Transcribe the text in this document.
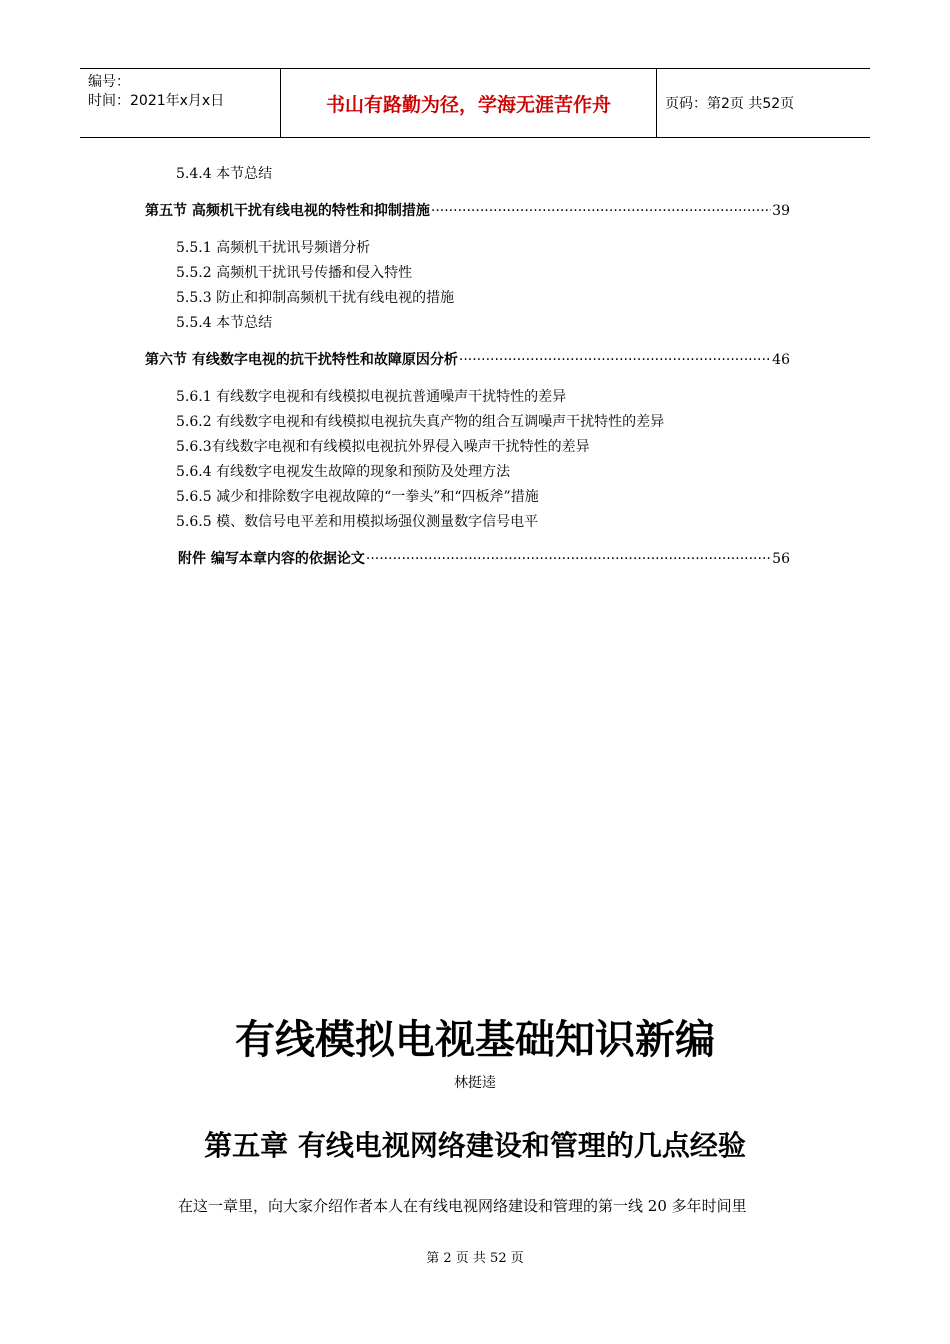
编号：
时间：2021年x月x日	书山有路勤为径，学海无涯苦作舟	页码：第2页 共52页
5.4.4 本节总结
第五节 高频机干扰有线电视的特性和抑制措施 ·····	39
5.5.1 高频机干扰讯号频谱分析
5.5.2 高频机干扰讯号传播和侵入特性
5.5.3 防止和抑制高频机干扰有线电视的措施
5.5.4 本节总结
第六节 有线数字电视的抗干扰特性和故障原因分析 ·····	46
5.6.1 有线数字电视和有线模拟电视抗普通噪声干扰特性的差异
5.6.2 有线数字电视和有线模拟电视抗失真产物的组合互调噪声干扰特性的差异
5.6.3有线数字电视和有线模拟电视抗外界侵入噪声干扰特性的差异
5.6.4 有线数字电视发生故障的现象和预防及处理方法
5.6.5 减少和排除数字电视故障的“一拳头”和“四板斧”措施
5.6.5 模、数信号电平差和用模拟场强仪测量数字信号电平
附件 编写本章内容的依据论文 ·····	56
有线模拟电视基础知识新编
林挺逵
第五章 有线电视网络建设和管理的几点经验
在这一章里，向大家介绍作者本人在有线电视网络建设和管理的第一线 20 多年时间里
第 2 页 共 52 页
